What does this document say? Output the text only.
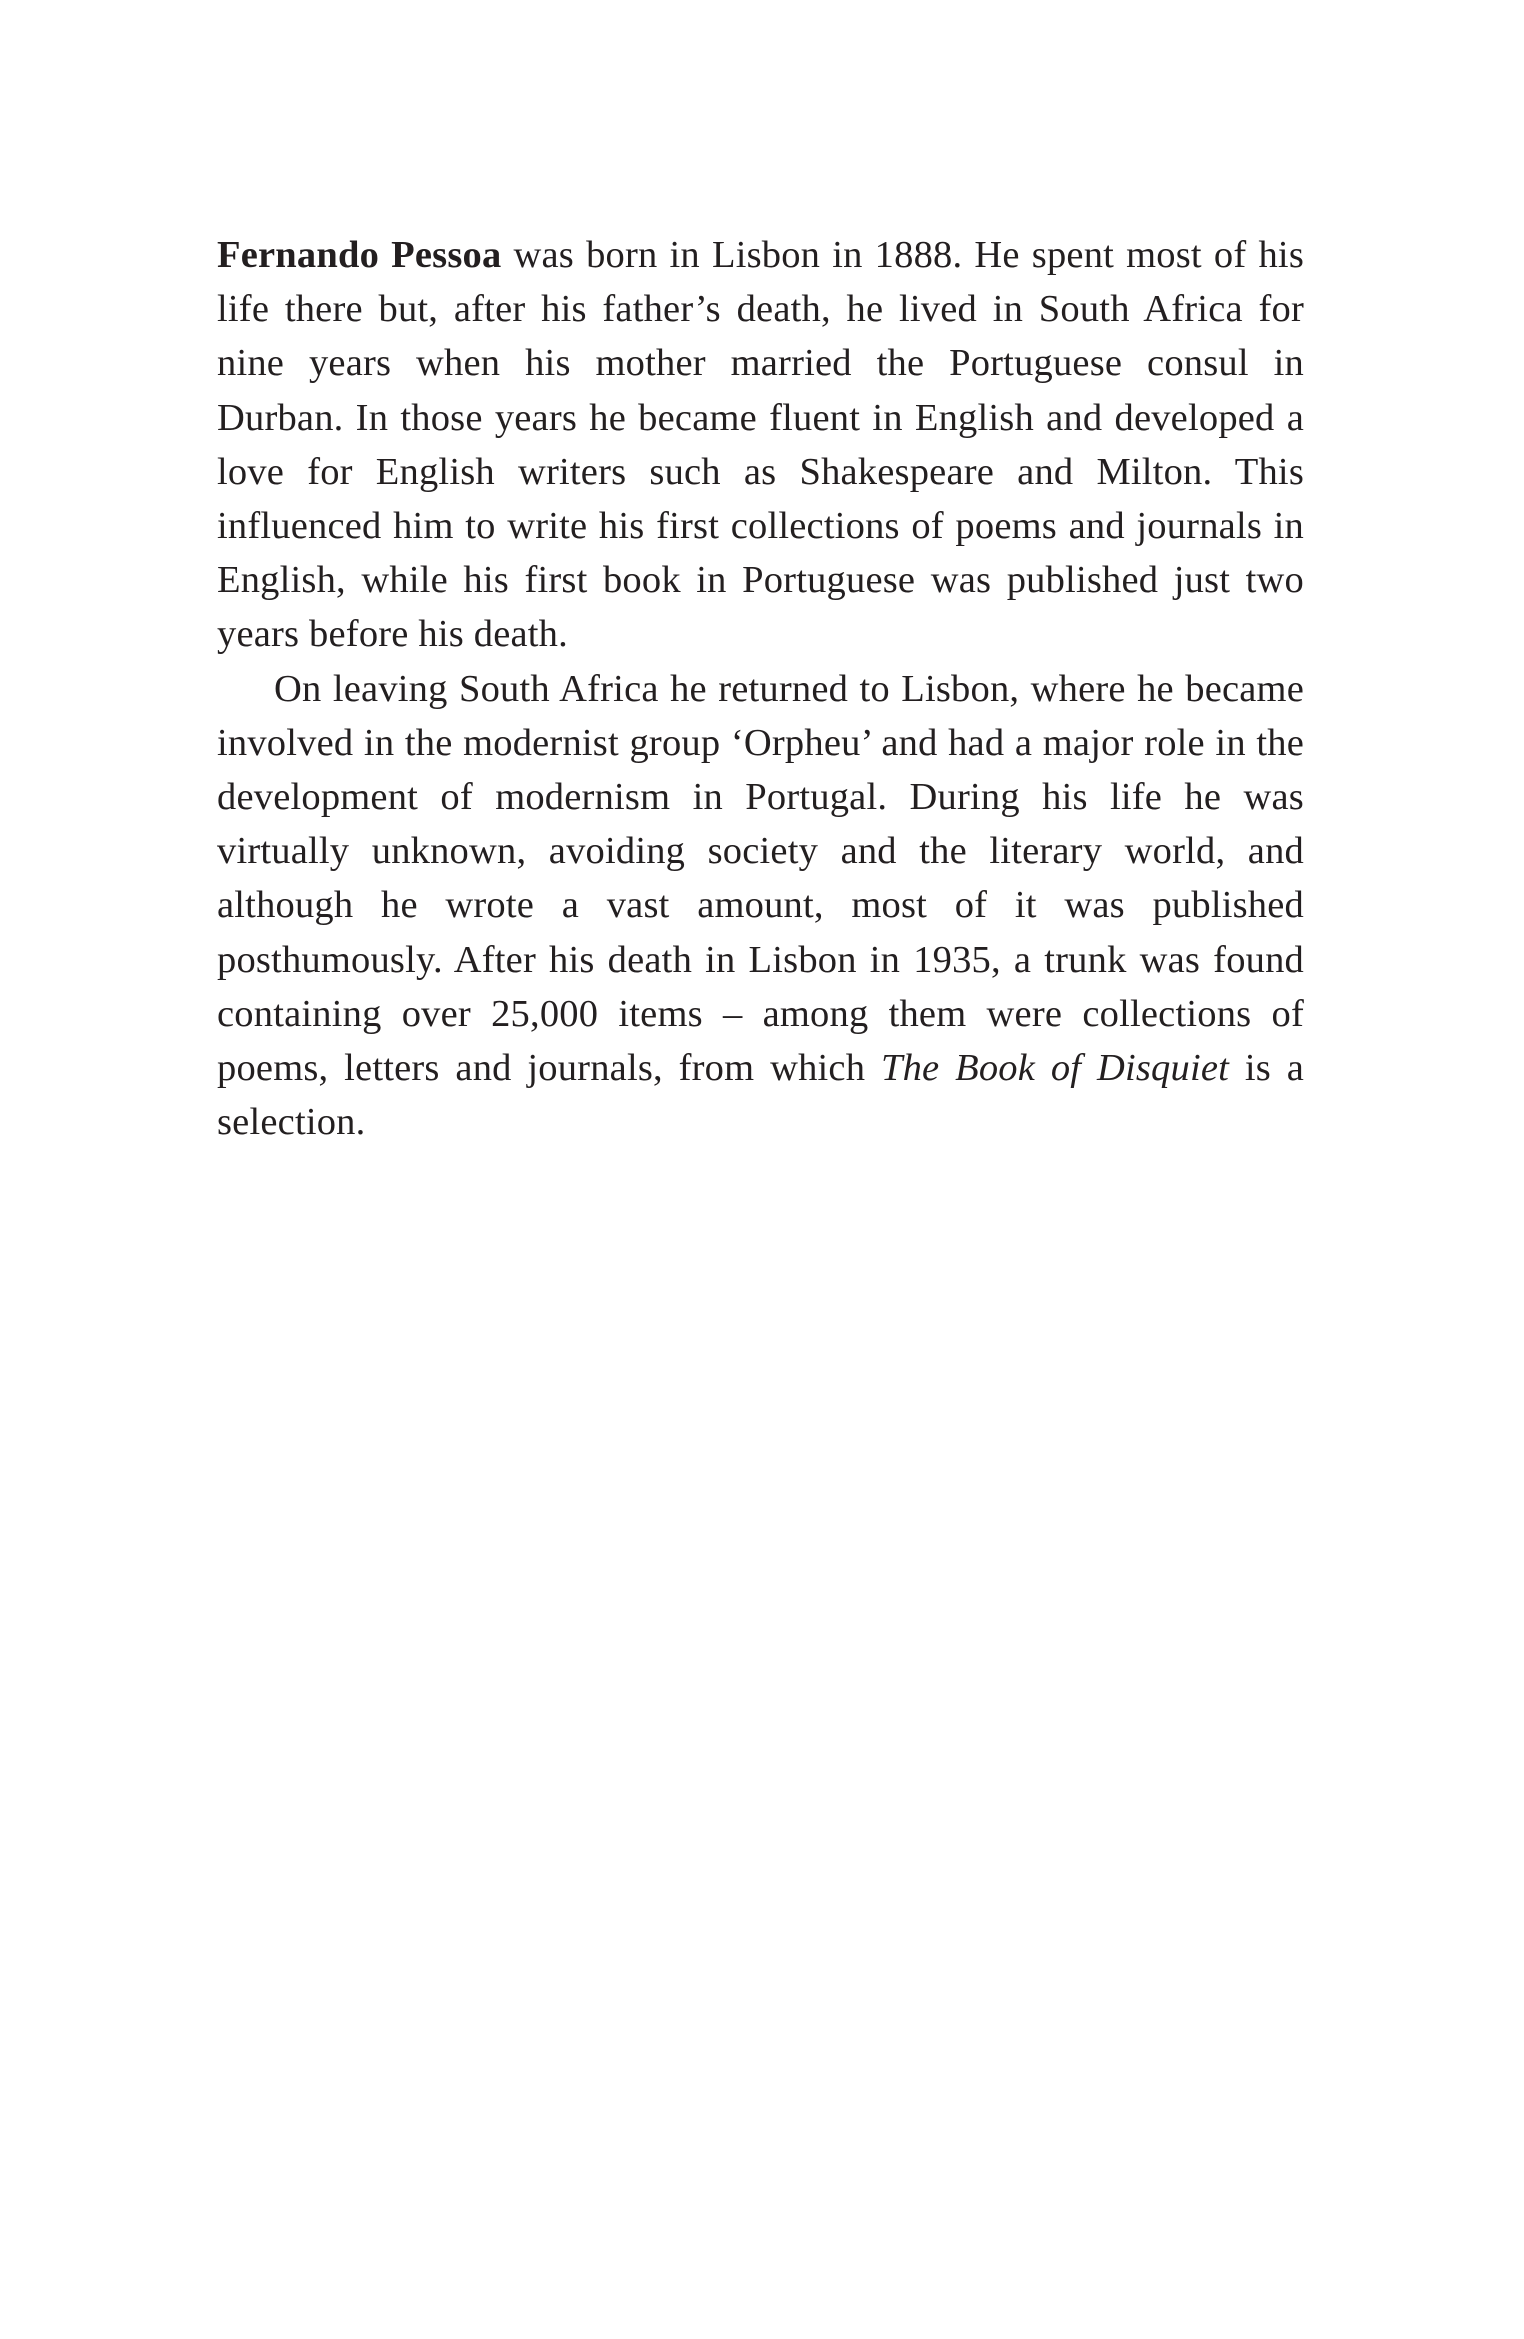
Fernando Pessoa was born in Lisbon in 1888. He spent most of his life there but, after his father’s death, he lived in South Africa for nine years when his mother married the Portuguese consul in Durban. In those years he became fluent in English and developed a love for English writers such as Shakespeare and Milton. This influenced him to write his first collections of poems and journals in English, while his first book in Portuguese was published just two years before his death.

On leaving South Africa he returned to Lisbon, where he became involved in the modernist group ‘Orpheu’ and had a major role in the development of modernism in Portugal. During his life he was virtually unknown, avoiding society and the literary world, and although he wrote a vast amount, most of it was published posthumously. After his death in Lisbon in 1935, a trunk was found containing over 25,000 items – among them were collections of poems, letters and journals, from which The Book of Disquiet is a selection.
